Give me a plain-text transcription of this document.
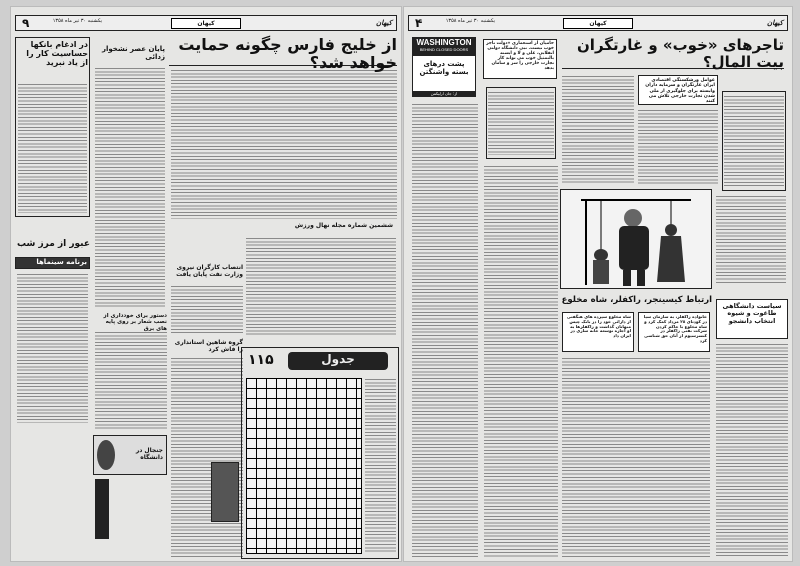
۹	یکشنبه ۳۰ تیر ماه ۱۳۵۸	کیهان	کیهان
از خلیج فارس چگونه حمایت خواهد شد؟
در ادغام بانکها حساسیت کار را از یاد نبرید
پایان عصر نشخوار زدائی
عبور از مرز شب
برنامه سینماها
دستور برای خودداری از نصب شعار بر روی پایه های برق
ششمین شماره مجله نهال ورزش
انتصاب کارگران نیروی وزارت نفت پایان یافت
گروه شاهین استانداری را فاش کرد
۱۱۵	جدول
جنجال در دانشگاه
۴	یکشنبه ۳۰ تیر ماه ۱۳۵۸	کیهان	کیهان
WASHINGTON
BEHIND CLOSED DOORS
پشت درهای بسته واشنگتن
از: جان ارلیکمن
حامیان از استعماری «دولت تاجر خوب نیست. نبی دانشگاه دولتی انقلابی، علی و لا و ابسته بالتمثیل خوب می تواند کار تجارت خارجی را سر و سامان بدهد
تاجرهای «خوب» و غارتگران بیت المال؟
عوامل ورشکستگی اقتصادی ایران غارتگران و سرمایه داران وابسته برای جلوگیری از ملی شدن تجارت خارجی تلاش می کنند
ارتباط کیسینجر، راکفلر، شاه مخلوع
خانواده راکفلر، به سازمان سیا در کودتای ۲۸ مرداد کمک کرد و شاه مخلوع با حاکم کردن شرکت نفتی راکفلر در کنسرسیوم از آنان حق شناسی کرد
شاه مخلوع سپرده های هنگفتی از دارائی خود را در بانک چیس منهاتان گذاشت و راکفلرها به او اجازه توسعه خانه سازی در ایران داد
سیاست دانشگاهی طاغوت و شیوه انتخاب دانشجو
